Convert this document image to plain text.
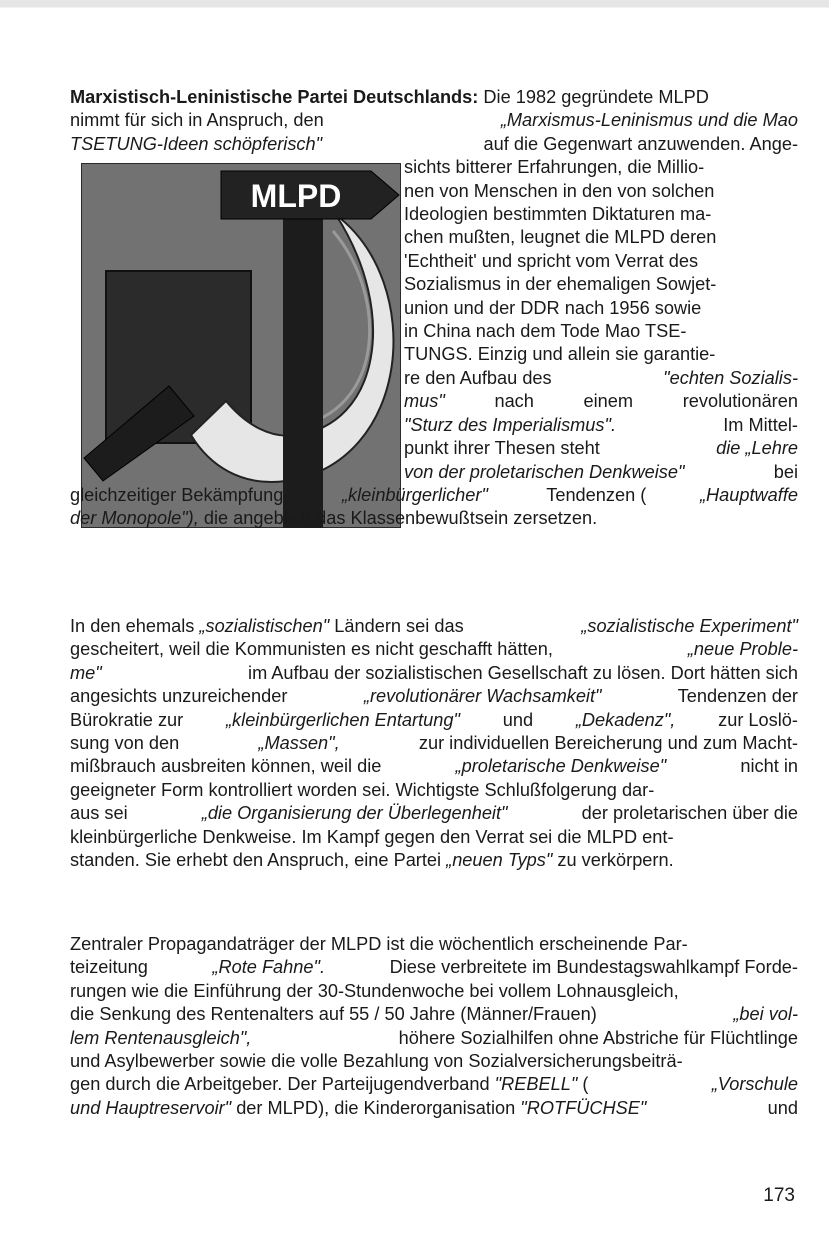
MLPD
Marxistisch-Leninistische Partei Deutschlands: Die 1982 gegründete MLPD
nimmt für sich in Anspruch, den	„Marxismus-Leninismus und die Mao
TSETUNG-Ideen schöpferisch"	auf die Gegenwart anzuwenden. Ange-
sichts bitterer Erfahrungen, die Millio-
nen von Menschen in den von solchen
Ideologien bestimmten Diktaturen ma-
chen mußten, leugnet die MLPD deren
'Echtheit' und spricht vom Verrat des
Sozialismus in der ehemaligen Sowjet-
union und der DDR nach 1956 sowie
in China nach dem Tode Mao TSE-
TUNGS. Einzig und allein sie garantie-
re den Aufbau des	"echten Sozialis-
mus"	nach	einem	revolutionären
"Sturz des Imperialismus".	Im Mittel-
punkt ihrer Thesen steht	die „Lehre
von der proletarischen Denkweise"	bei
gleichzeitiger Bekämpfung	„kleinbürgerlicher"	Tendenzen (	„Hauptwaffe
der Monopole"), die angeblich das Klassenbewußtsein zersetzen.
In den ehemals „sozialistischen" Ländern sei das	„sozialistische Experiment"
gescheitert, weil die Kommunisten es nicht geschafft hätten,	„neue Proble-
me"	im Aufbau der sozialistischen Gesellschaft zu lösen. Dort hätten sich
angesichts unzureichender	„revolutionärer Wachsamkeit"	Tendenzen der
Bürokratie zur „kleinbürgerlichen Entartung" und „Dekadenz", zur Loslö-
sung von den	„Massen",	zur individuellen Bereicherung und zum Macht-
mißbrauch ausbreiten können, weil die	„proletarische Denkweise"	nicht in
geeigneter Form kontrolliert worden sei. Wichtigste Schlußfolgerung dar-
aus sei	„die Organisierung der Überlegenheit"	der proletarischen über die
kleinbürgerliche Denkweise. Im Kampf gegen den Verrat sei die MLPD ent-
standen. Sie erhebt den Anspruch, eine Partei „neuen Typs" zu verkörpern.
Zentraler Propagandaträger der MLPD ist die wöchentlich erscheinende Par-
teizeitung	„Rote Fahne".	Diese verbreitete im Bundestagswahlkampf Forde-
rungen wie die Einführung der 30-Stundenwoche bei vollem Lohnausgleich,
die Senkung des Rentenalters auf 55 / 50 Jahre (Männer/Frauen)	„bei vol-
lem Rentenausgleich",	höhere Sozialhilfen ohne Abstriche für Flüchtlinge
und Asylbewerber sowie die volle Bezahlung von Sozialversicherungsbeiträ-
gen durch die Arbeitgeber. Der Parteijugendverband "REBELL" (	„Vorschule
und Hauptreservoir" der MLPD), die Kinderorganisation "ROTFÜCHSE"	und
173
